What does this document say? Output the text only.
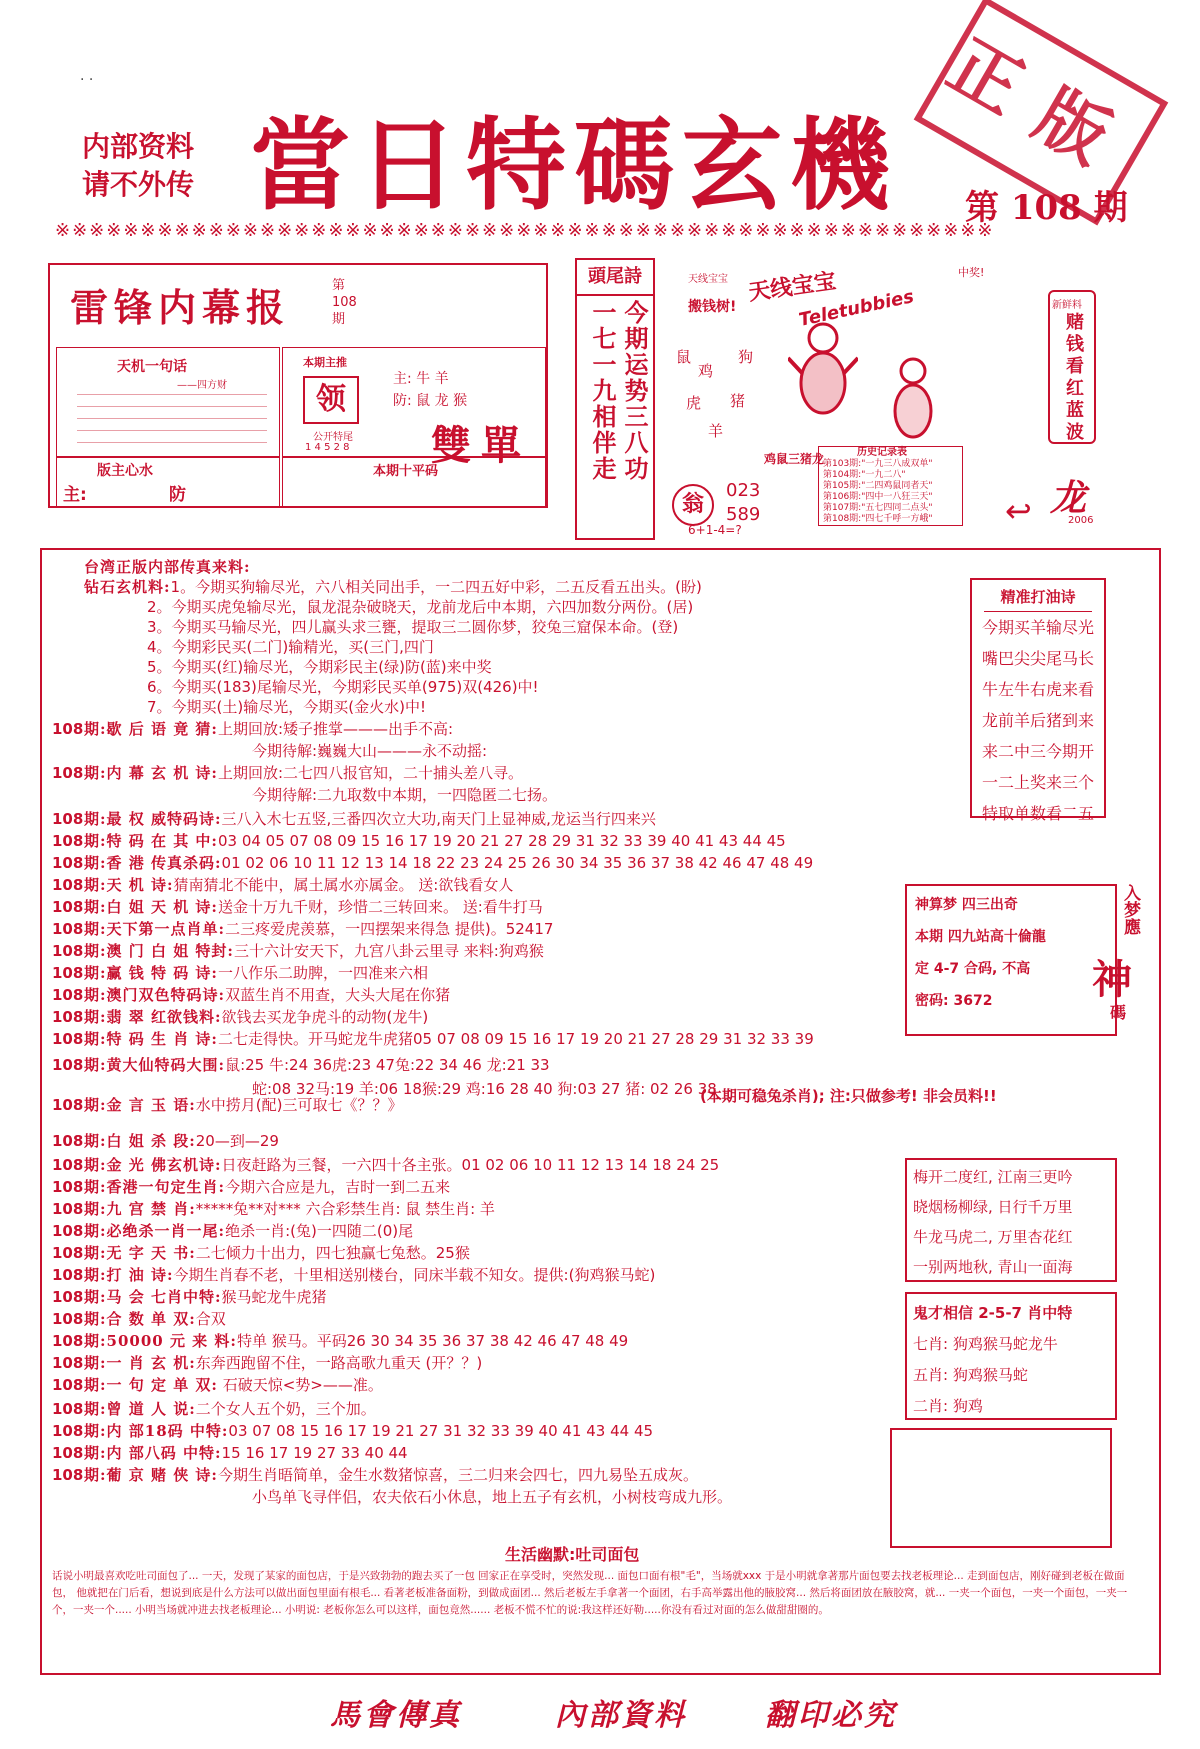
. .
内部资料
请不外传 當日特碼玄機 正版
第 108 期
※※※※※※※※※※※※※※※※※※※※※※※※※※※※※※※※※※※※※※※※※※※※※※※※※※※※※※※
雷锋内幕报	第108期
天机一句话
——四方财
版主心水
主:	防
本期主推
领
主: 牛 羊
防: 鼠 龙 猴
公开特尾
1 4 5 2 8 雙單
本期十平码
頭尾詩
今期运势三八功
一七一九相伴走
天线宝宝
中奖!
天线宝宝
Teletubbies
搬钱树!
鼠
鸡
狗
虎 猪
羊
鸡鼠三猪龙
翁
023
589
6+1-4=?
历史记录表
第103期:"一九三八成双单"
第104期:"一九二八"
第105期:"二四鸡鼠同者天"
第106期:"四中一八狂三天"
第107期:"五七四同二点头"
第108期:"四七千呼一方峨"
新鲜料
赌钱看红蓝波
↩ 龙
2006
台湾正版内部传真来料:
钻石玄机料:1。今期买狗输尽光，六八相关同出手，一二四五好中彩，二五反看五出头。(盼)
2。今期买虎兔输尽光，鼠龙混杂破晓天，龙前龙后中本期，六四加数分两份。(居)
3。今期买马输尽光，四儿赢头求三甕，提取三二圆你梦，狡兔三窟保本命。(登)
4。今期彩民买(二门)输精光，买(三门,四门
5。今期买(红)输尽光，今期彩民主(绿)防(蓝)来中奖
6。今期买(183)尾输尽光，今期彩民买单(975)双(426)中!
7。今期买(土)输尽光，今期买(金火水)中!
108期:歇 后 语 竟 猜:上期回放:矮子推掌———出手不高:
今期待解:巍巍大山———永不动摇:
108期:内 幕 玄 机 诗:上期回放:二七四八报官知，二十捕头差八寻。
今期待解:二九取数中本期，一四隐匿二七扬。
108期:最 权 威特码诗:三八入木七五竖,三番四次立大功,南天门上显神威,龙运当行四来兴
108期:特 码 在 其 中:03 04 05 07 08 09 15 16 17 19 20 21 27 28 29 31 32 33 39 40 41 43 44 45
108期:香 港 传真杀码:01 02 06 10 11 12 13 14 18 22 23 24 25 26 30 34 35 36 37 38 42 46 47 48 49
108期:天 机 诗:猜南猜北不能中，属土属水亦属金。 送:欲钱看女人
108期:白 姐 天 机 诗:送金十万九千财，珍惜二三转回来。 送:看牛打马
108期:天下第一点肖单:二三疼爱虎羡慕，一四摆架来得急 提供)。52417
108期:澳 门 白 姐 特封:三十六计安天下，九宫八卦云里寻 来料:狗鸡猴
108期:赢 钱 特 码 诗:一八作乐二助脾，一四准来六相
108期:澳门双色特码诗:双蓝生肖不用查，大头大尾在你猪
108期:翡 翠 红欲钱料:欲钱去买龙争虎斗的动物(龙牛)
108期:特 码 生 肖 诗:二七走得快。开马蛇龙牛虎猪05 07 08 09 15 16 17 19 20 21 27 28 29 31 32 33 39
108期:黄大仙特码大围:鼠:25 牛:24 36虎:23 47兔:22 34 46 龙:21 33
蛇:08 32马:19 羊:06 18猴:29 鸡:16 28 40 狗:03 27 猪: 02 26 38
108期:金 言 玉 语:水中捞月(配)三可取七《？？》
108期:白 姐 杀 段:20—到—29
108期:金 光 佛玄机诗:日夜赶路为三餐，一六四十各主张。01 02 06 10 11 12 13 14 18 24 25
108期:香港一句定生肖:今期六合应是九，吉时一到二五来
108期:九 宫 禁 肖:*****兔**对*** 六合彩禁生肖: 鼠 禁生肖: 羊
108期:必绝杀一肖一尾:绝杀一肖:(兔)一四随二(0)尾
108期:无 字 天 书:二七倾力十出力，四七独赢七兔愁。25猴
108期:打 油 诗:今期生肖春不老，十里相送别楼台，同床半载不知女。提供:(狗鸡猴马蛇)
108期:马 会 七肖中特:猴马蛇龙牛虎猪
108期:合 数 单 双:合双
108期:50000 元 来 料:特单 猴马。平码26 30 34 35 36 37 38 42 46 47 48 49
108期:一 肖 玄 机:东奔西跑留不住，一路高歌九重天 (开？？)
108期:一 句 定 单 双: 石破天惊<势>——准。
108期:曾 道 人 说:二个女人五个奶，三个加。
108期:内 部18码 中特:03 07 08 15 16 17 19 21 27 31 32 33 39 40 41 43 44 45
108期:内 部八码 中特:15 16 17 19 27 33 40 44
108期:葡 京 赌 侠 诗:今期生肖晤简单，金生水数猪惊喜，三二归来会四七，四九易坠五成灰。
小鸟单飞寻伴侣，农夫依石小休息，地上五子有玄机，小树枝弯成九形。
(本期可稳兔杀肖); 注:只做参考! 非会员料!!
精准打油诗
今期买羊输尽光
嘴巴尖尖尾马长
牛左牛右虎来看
龙前羊后猪到来
来二中三今期开
一二上奖来三个
特取单数看二五
神算梦 四三出奇
本期 四九站高十倫龍
定 4-7 合码, 不高
密码: 3672
入梦應
神
碼
梅开二度红, 江南三更吟
晓烟杨柳绿, 日行千万里
牛龙马虎二, 万里杏花红
一别两地秋, 青山一面海
鬼才相信 2-5-7 肖中特
七肖: 狗鸡猴马蛇龙牛
五肖: 狗鸡猴马蛇
二肖: 狗鸡
生活幽默:吐司面包
话说小明最喜欢吃吐司面包了... 一天，发现了某家的面包店，于是兴致勃勃的跑去买了一包 回家正在享受时，突然发现... 面包口面有根"毛"，当场就xxx 于是小明就拿著那片面包要去找老板理论... 走到面包店，刚好碰到老板在做面包， 他就把在门后看，想说到底是什么方法可以做出面包里面有根毛... 看著老板准备面粉，到做成面团... 然后老板左手拿著一个面团，右手高举露出他的腋胶窝... 然后将面团放在腋胶窝，就... 一夹一个面包，一夹一个面包，一夹一个，一夹一个..... 小明当场就冲进去找老板理论... 小明说: 老板你怎么可以这样，面包竟然...... 老板不慌不忙的说:我这样还好勒.....你没有看过对面的怎么做甜甜圈的。
馬會傳真	內部資料	翻印必究
